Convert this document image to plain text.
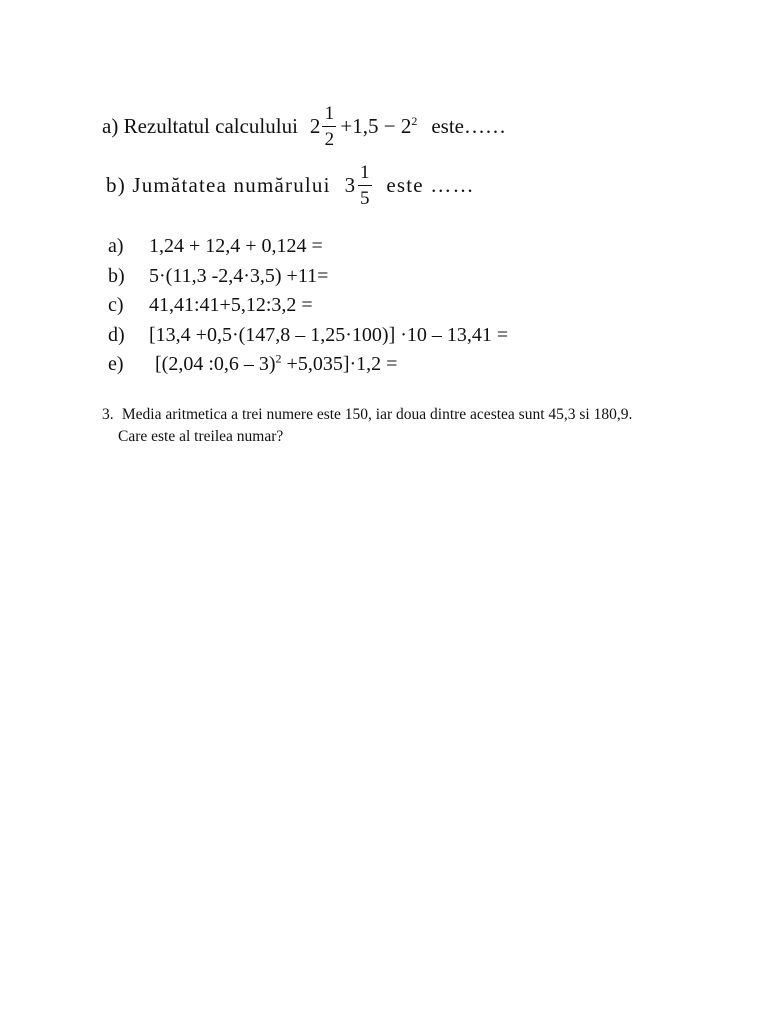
a) Rezultatul calculului $2 \frac{1}{2} +1,5 - 2^2$ este……
b) Jumătatea numărului $3 \frac{1}{5}$ este ……
a) 1,24 + 12,4 + 0,124 =
b) 5·(11,3 -2,4·3,5) +11=
c) 41,41:41+5,12:3,2 =
d) [13,4 +0,5·(147,8 – 1,25·100)] ·10 – 13,41 =
e) [(2,04 :0,6 – 3)$^2$ +5,035]·1,2 =
3. Media aritmetica a trei numere este 150, iar doua dintre acestea sunt 45,3 si 180,9.
Care este al treilea numar?
